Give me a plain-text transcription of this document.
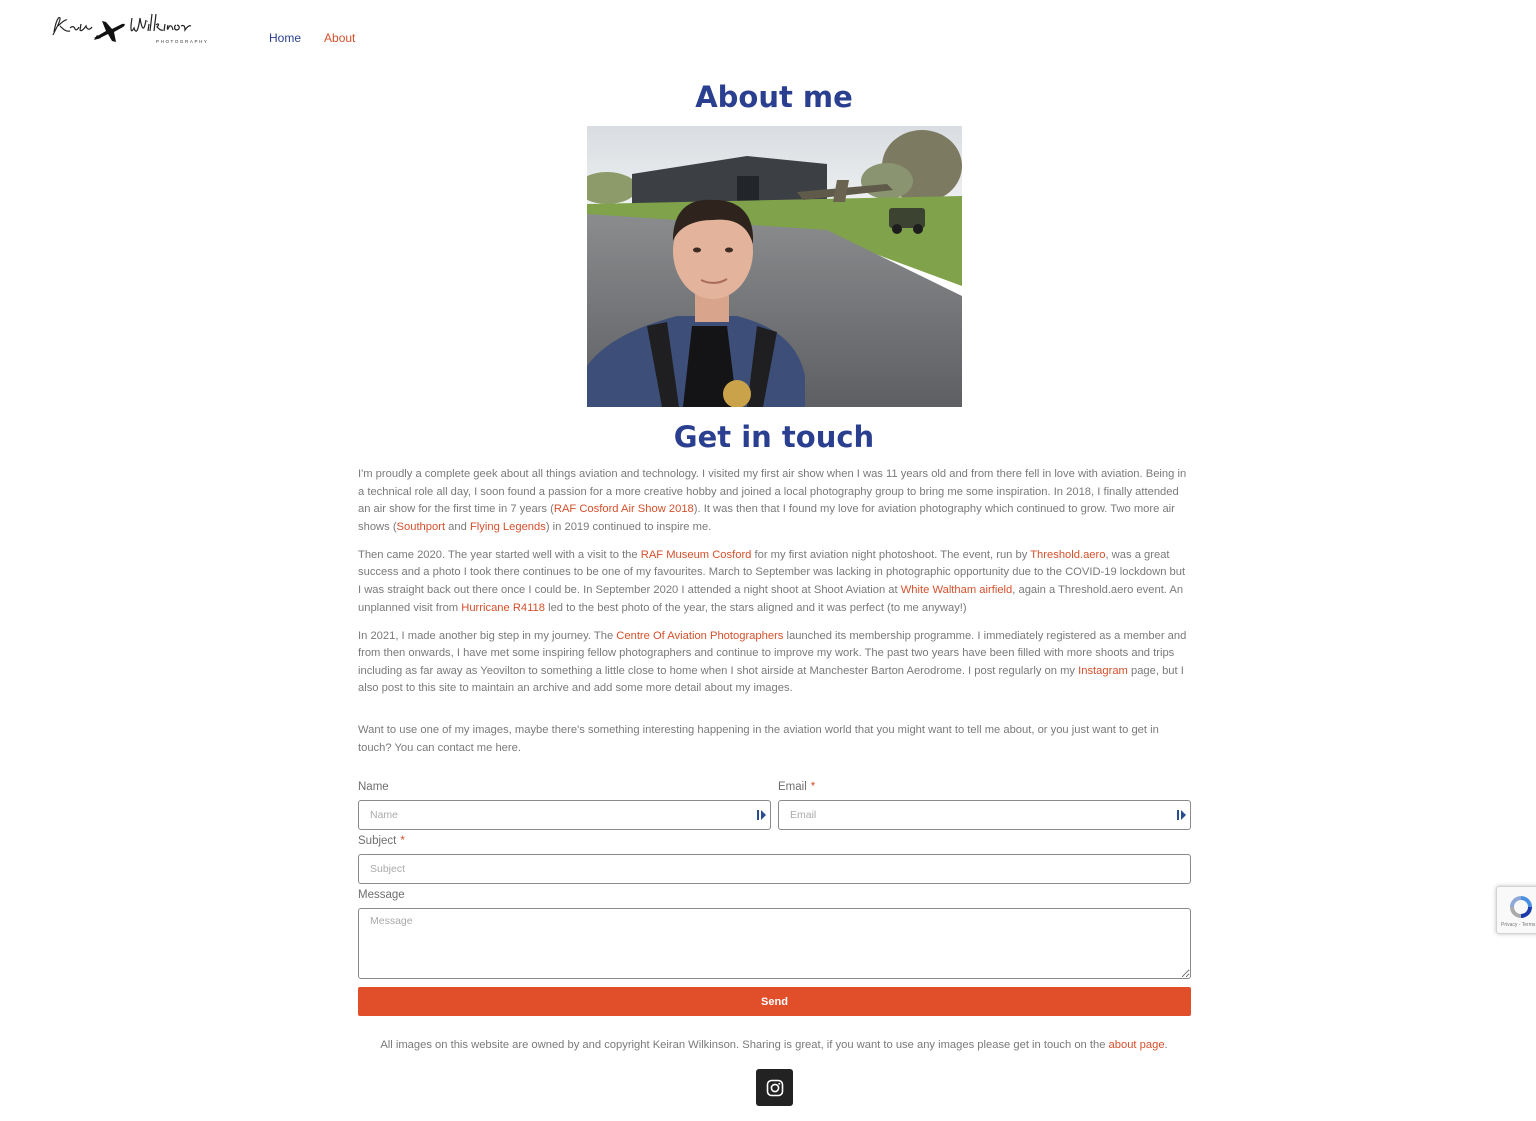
PHOTOGRAPHY	Home About
About me
Get in touch

I'm proudly a complete geek about all things aviation and technology. I visited my first air show when I was 11 years old and from there fell in love with aviation. Being in a technical role all day, I soon found a passion for a more creative hobby and joined a local photography group to bring me some inspiration. In 2018, I finally attended an air show for the first time in 7 years (RAF Cosford Air Show 2018). It was then that I found my love for aviation photography which continued to grow. Two more air shows (Southport and Flying Legends) in 2019 continued to inspire me.

Then came 2020. The year started well with a visit to the RAF Museum Cosford for my first aviation night photoshoot. The event, run by Threshold.aero, was a great success and a photo I took there continues to be one of my favourites. March to September was lacking in photographic opportunity due to the COVID-19 lockdown but I was straight back out there once I could be. In September 2020 I attended a night shoot at Shoot Aviation at White Waltham airfield, again a Threshold.aero event. An unplanned visit from Hurricane R4118 led to the best photo of the year, the stars aligned and it was perfect (to me anyway!)

In 2021, I made another big step in my journey. The Centre Of Aviation Photographers launched its membership programme. I immediately registered as a member and from then onwards, I have met some inspiring fellow photographers and continue to improve my work. The past two years have been filled with more shoots and trips including as far away as Yeovilton to something a little close to home when I shot airside at Manchester Barton Aerodrome. I post regularly on my Instagram page, but I also post to this site to maintain an archive and add some more detail about my images.

Want to use one of my images, maybe there's something interesting happening in the aviation world that you might want to tell me about, or you just want to get in touch? You can contact me here.

Name
Name	Email *
Email
Subject *
Subject
Message
Message
Send
All images on this website are owned by and copyright Keiran Wilkinson. Sharing is great, if you want to use any images please get in touch on the about page.
Privacy - Terms
